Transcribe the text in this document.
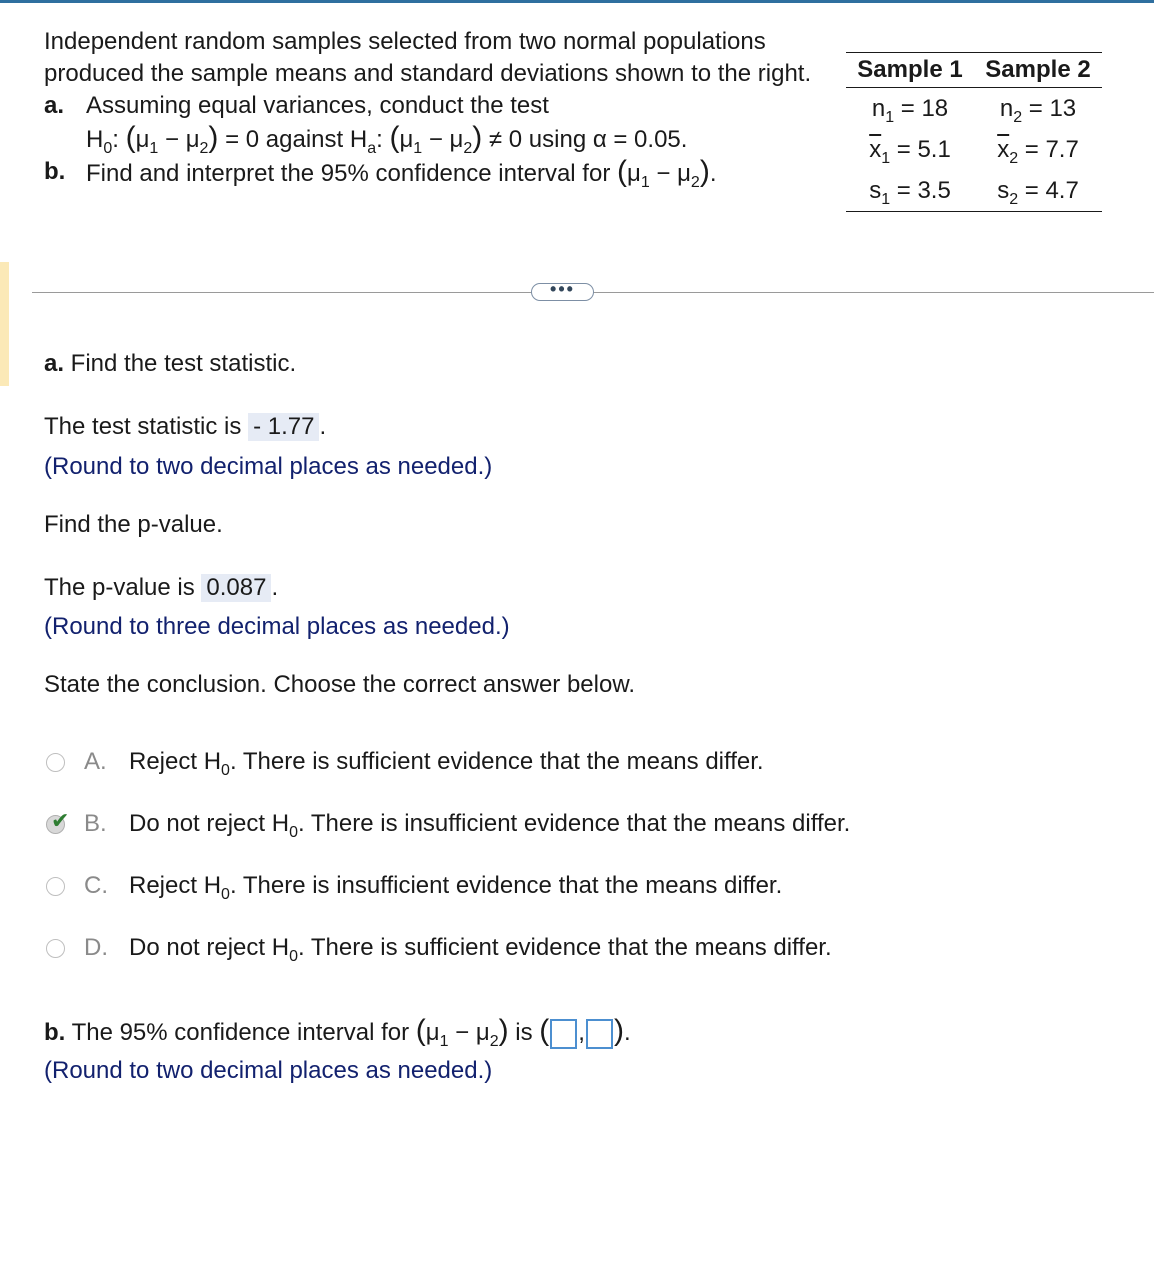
Independent random samples selected from two normal populations produced the sample means and standard deviations shown to the right.

a. Assuming equal variances, conduct the test
$H_0$: $(\mu_1 - \mu_2) = 0$ against $H_a$: $(\mu_1 - \mu_2) \ne 0$ using α = 0.05.
b. Find and interpret the 95% confidence interval for $(\mu_1 - \mu_2)$.
Sample 1	Sample 2
$n_1 = 18$	$n_2 = 13$
$\overline{x}_1 = 5.1$	$\overline{x}_2 = 7.7$
$s_1 = 3.5$	$s_2 = 4.7$
•••
a. Find the test statistic.
The test statistic is - 1.77 .
(Round to two decimal places as needed.)
Find the p-value.
The p-value is 0.087 .
(Round to three decimal places as needed.)
State the conclusion. Choose the correct answer below.
A. Reject $H_0$. There is sufficient evidence that the means differ.
✔ B. Do not reject $H_0$. There is insufficient evidence that the means differ.
C. Reject $H_0$. There is insufficient evidence that the means differ.
D. Do not reject $H_0$. There is sufficient evidence that the means differ.
b. The 95% confidence interval for $(\mu_1 - \mu_2)$ is ( , ).
(Round to two decimal places as needed.)
